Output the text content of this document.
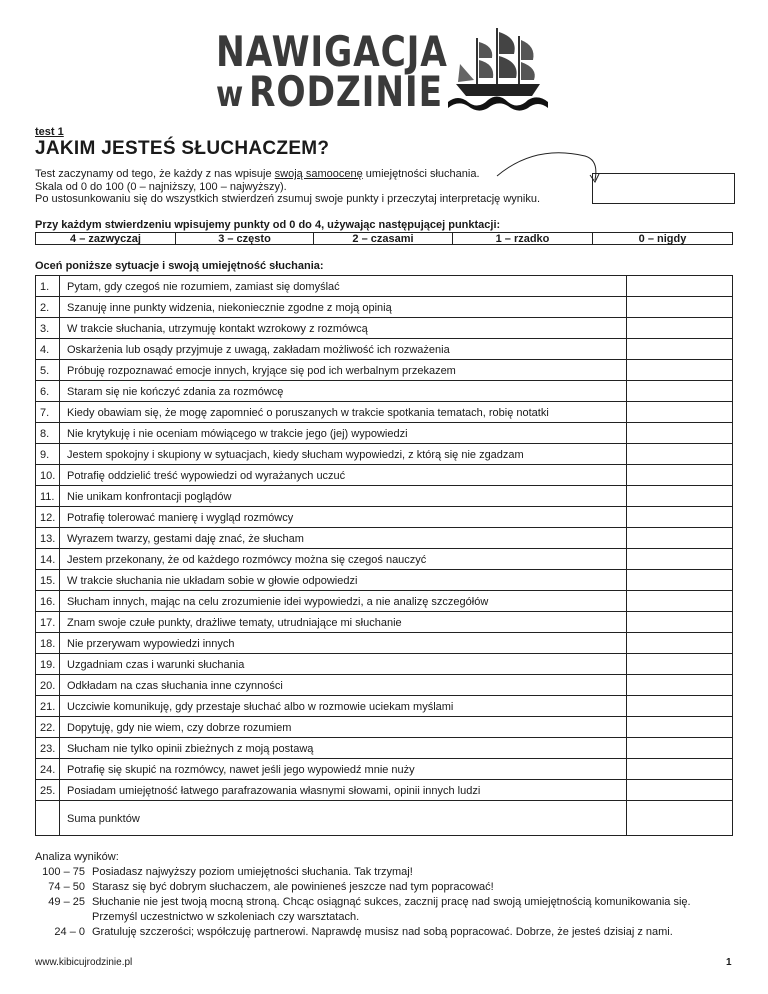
NAWIGACJA
w RODZINIE
test 1
JAKIM JESTEŚ SŁUCHACZEM?
Test zaczynamy od tego, że każdy z nas wpisuje swoją samoocenę umiejętności słuchania.
Skala od 0 do 100 (0 – najniższy, 100 – najwyższy).
Po ustosunkowaniu się do wszystkich stwierdzeń zsumuj swoje punkty i przeczytaj interpretację wyniku.
Przy każdym stwierdzeniu wpisujemy punkty od 0 do 4, używając następującej punktacji:
4 – zazwyczaj	3 – często	2 – czasami	1 – rzadko	0 – nigdy
Oceń poniższe sytuacje i swoją umiejętność słuchania:
1.	Pytam, gdy czegoś nie rozumiem, zamiast się domyślać
2.	Szanuję inne punkty widzenia, niekoniecznie zgodne z moją opinią
3.	W trakcie słuchania, utrzymuję kontakt wzrokowy z rozmówcą
4.	Oskarżenia lub osądy przyjmuje z uwagą, zakładam możliwość ich rozważenia
5.	Próbuję rozpoznawać emocje innych, kryjące się pod ich werbalnym przekazem
6.	Staram się nie kończyć zdania za rozmówcę
7.	Kiedy obawiam się, że mogę zapomnieć o poruszanych w trakcie spotkania tematach, robię notatki
8.	Nie krytykuję i nie oceniam mówiącego w trakcie jego (jej) wypowiedzi
9.	Jestem spokojny i skupiony w sytuacjach, kiedy słucham wypowiedzi, z którą się nie zgadzam
10.	Potrafię oddzielić treść wypowiedzi od wyrażanych uczuć
11.	Nie unikam konfrontacji poglądów
12.	Potrafię tolerować manierę i wygląd rozmówcy
13.	Wyrazem twarzy, gestami daję znać, że słucham
14.	Jestem przekonany, że od każdego rozmówcy można się czegoś nauczyć
15.	W trakcie słuchania nie układam sobie w głowie odpowiedzi
16.	Słucham innych, mając na celu zrozumienie idei wypowiedzi, a nie analizę szczegółów
17.	Znam swoje czułe punkty, drażliwe tematy, utrudniające mi słuchanie
18.	Nie przerywam wypowiedzi innych
19.	Uzgadniam czas i warunki słuchania
20.	Odkładam na czas słuchania inne czynności
21.	Uczciwie komunikuję, gdy przestaje słuchać albo w rozmowie uciekam myślami
22.	Dopytuję, gdy nie wiem, czy dobrze rozumiem
23.	Słucham nie tylko opinii zbieżnych z moją postawą
24.	Potrafię się skupić na rozmówcy, nawet jeśli jego wypowiedź mnie nuży
25.	Posiadam umiejętność łatwego parafrazowania własnymi słowami, opinii innych ludzi
Suma punktów
Analiza wyników:
100 – 75 Posiadasz najwyższy poziom umiejętności słuchania. Tak trzymaj!
74 – 50 Starasz się być dobrym słuchaczem, ale powinieneś jeszcze nad tym popracować!
49 – 25 Słuchanie nie jest twoją mocną stroną. Chcąc osiągnąć sukces, zacznij pracę nad swoją umiejętnością komunikowania się.
Przemyśl uczestnictwo w szkoleniach czy warsztatach.
24 – 0 Gratuluję szczerości; współczuję partnerowi. Naprawdę musisz nad sobą popracować. Dobrze, że jesteś dzisiaj z nami.
www.kibicujrodzinie.pl	1
